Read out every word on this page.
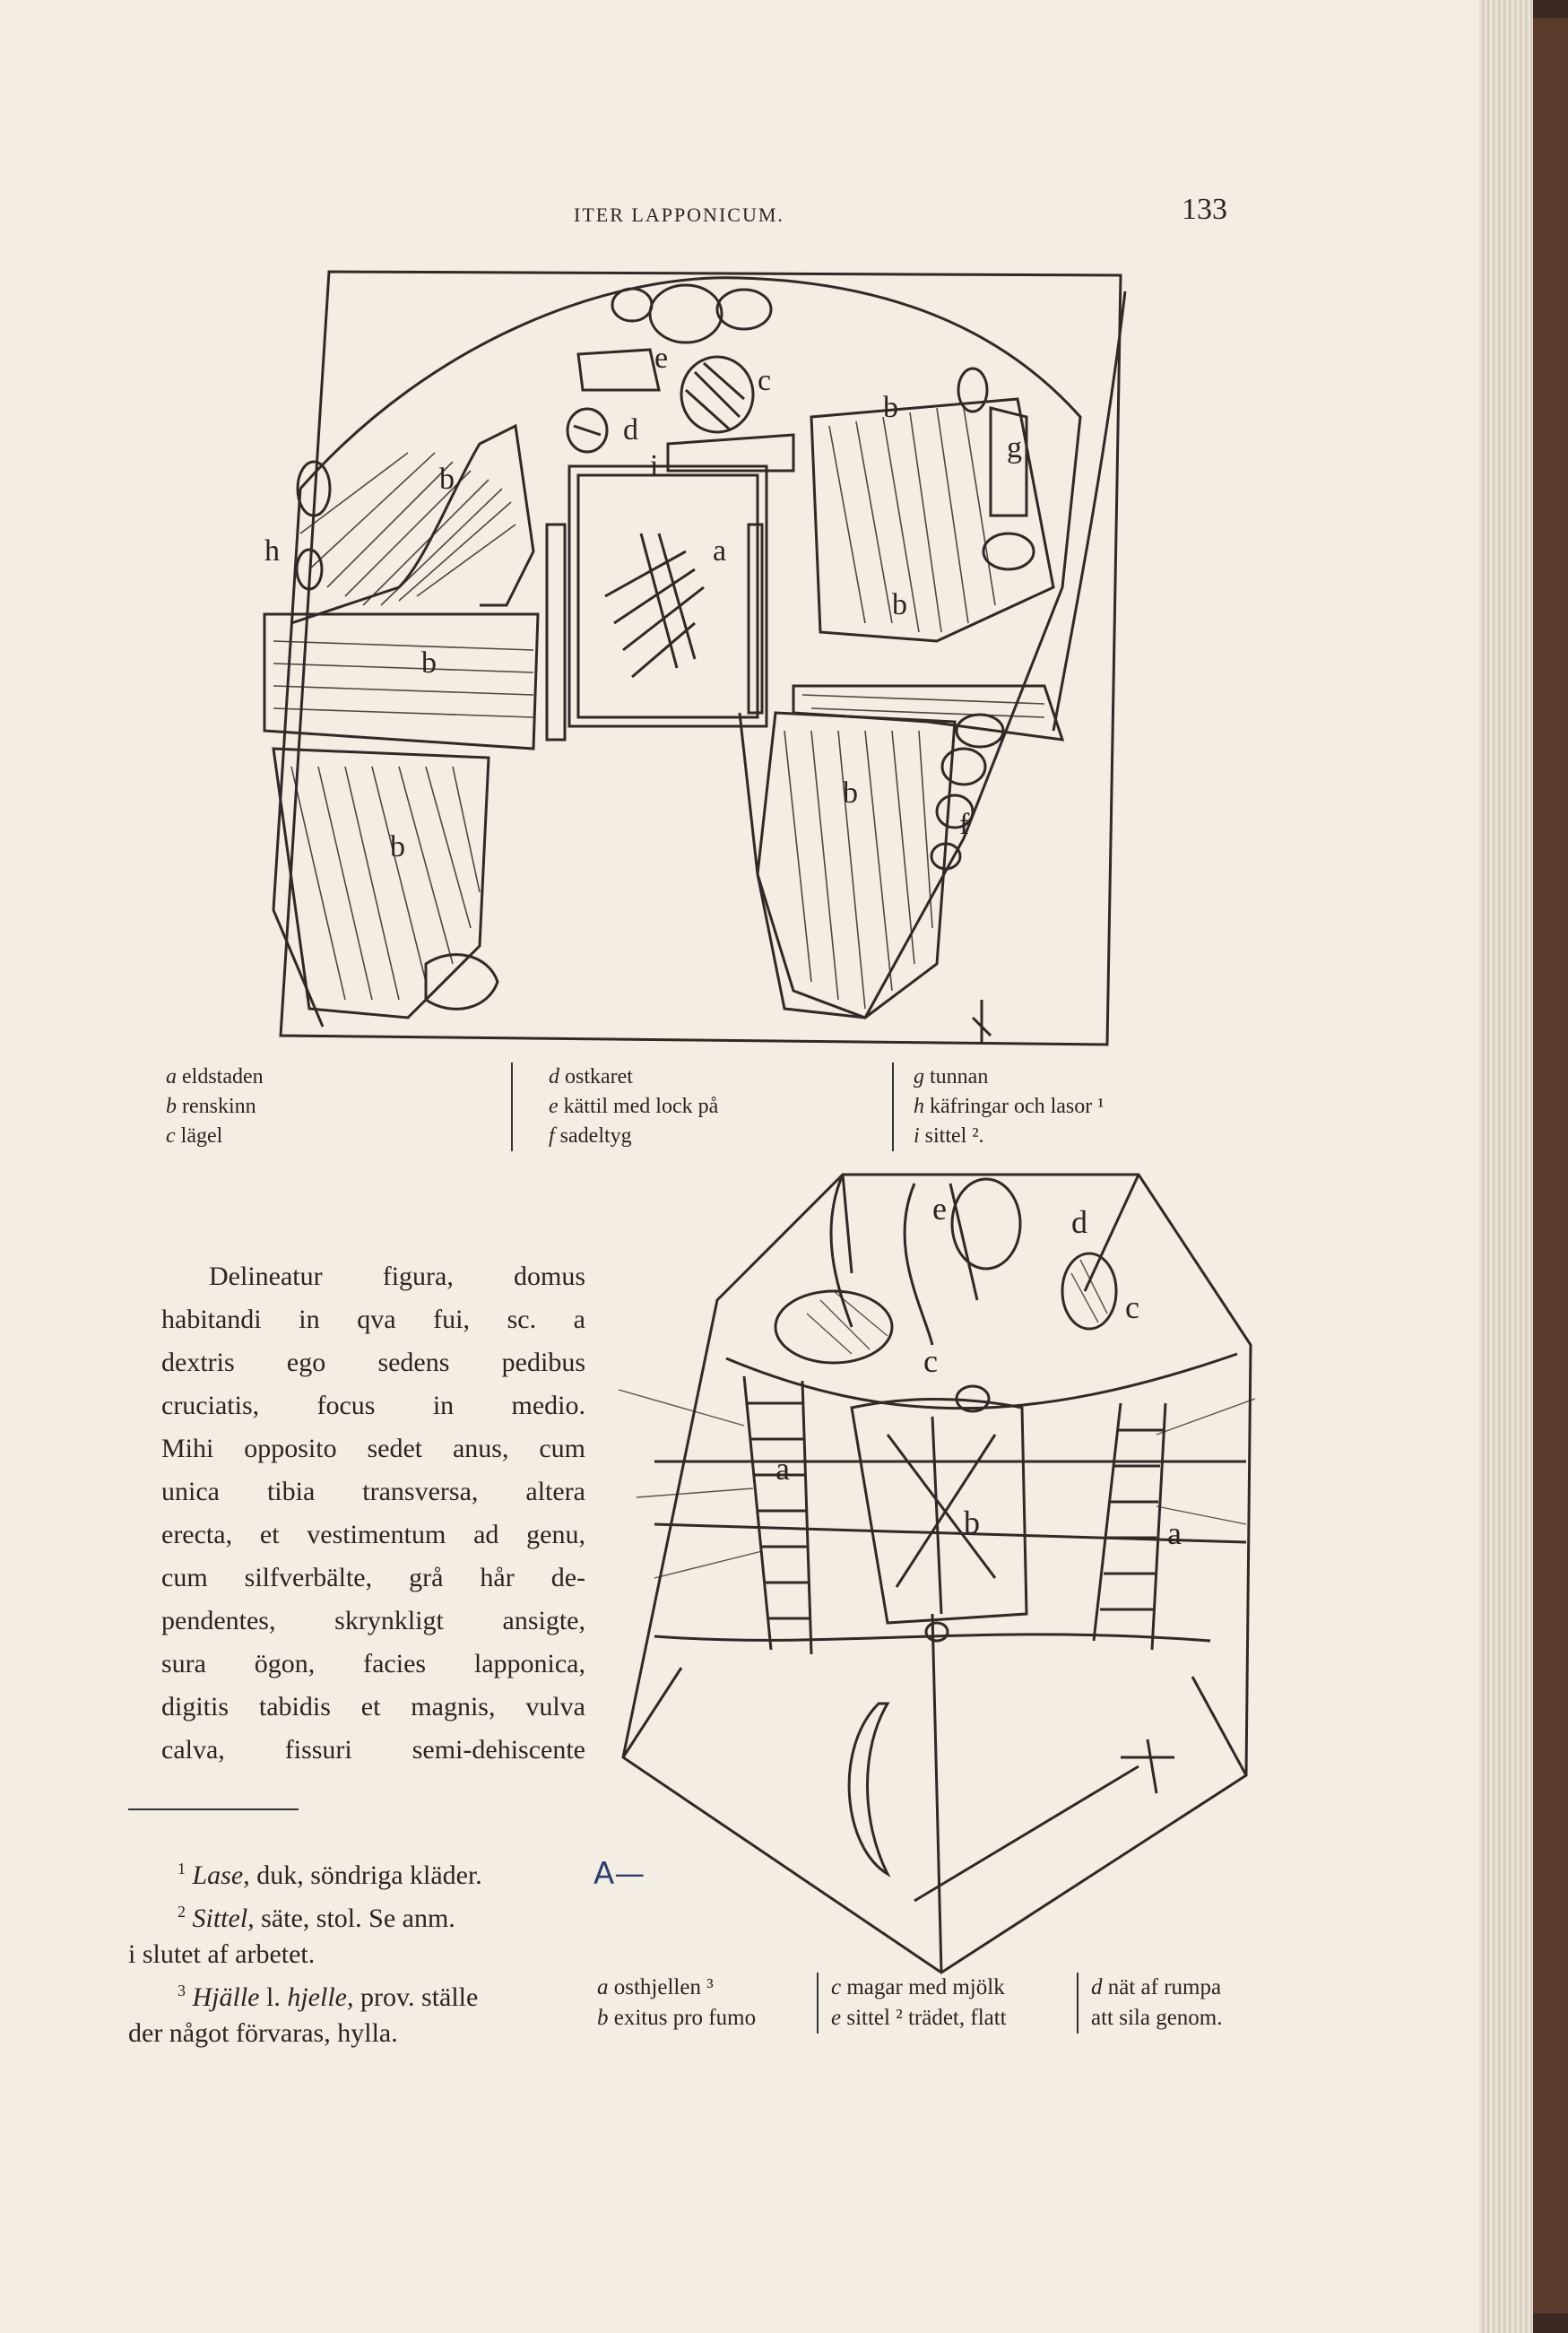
ITER LAPPONICUM.	133
e
c
d
i
a
b
b
b
b
b
b
g
h
f
a eldstaden
b renskinn
c lägel
d ostkaret
e kättil med lock på
f sadeltyg
g tunnan
h käfringar och lasor ¹
i sittel ².
Delineatur figura, domus
habitandi in qva fui, sc. a
dextris ego sedens pedibus
cruciatis, focus in medio.
Mihi opposito sedet anus, cum
unica tibia transversa, altera
erecta, et vestimentum ad genu,
cum silfverbälte, grå hår de-
pendentes, skrynkligt ansigte,
sura ögon, facies lapponica,
digitis tabidis et magnis, vulva
calva, fissuri semi-dehiscente
$^1$ Lase, duk, söndriga kläder.
$^2$ Sittel, säte, stol. Se anm.
i slutet af arbetet.
$^3$ Hjälle l. hjelle, prov. ställe
der något förvaras, hylla.
A—
e	d
c
c
a
b	a
a osthjellen ³
b exitus pro fumo
c magar med mjölk
e sittel ² trädet, flatt
d nät af rumpa
att sila genom.
